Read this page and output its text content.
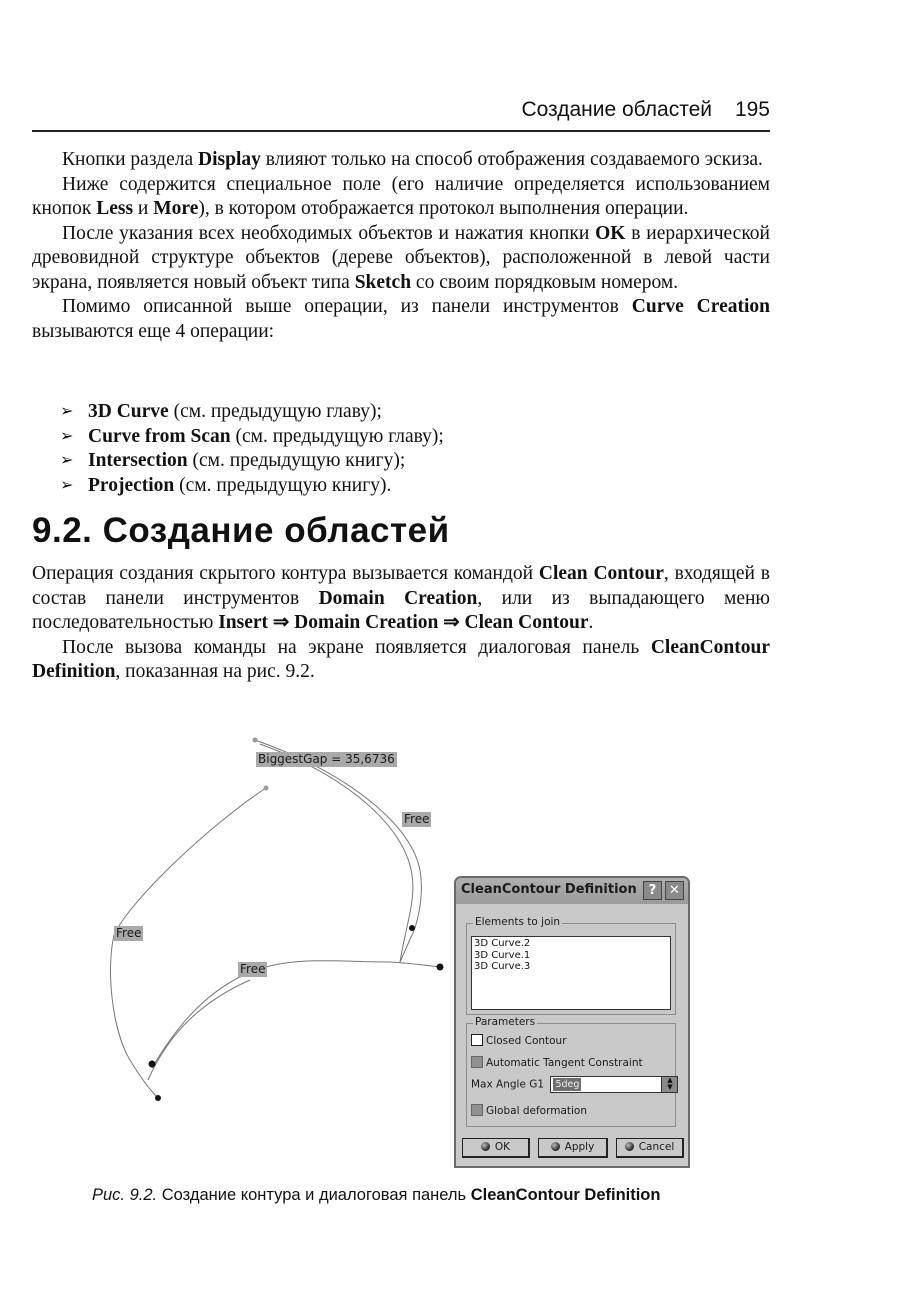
Создание областей 195

Кнопки раздела Display влияют только на способ отображения создаваемого эскиза.

Ниже содержится специальное поле (его наличие определяется использованием кнопок Less и More), в котором отображается протокол выполнения операции.

После указания всех необходимых объектов и нажатия кнопки OK в иерархической древовидной структуре объектов (дереве объектов), расположенной в левой части экрана, появляется новый объект типа Sketch со своим порядковым номером.

Помимо описанной выше операции, из панели инструментов Curve Creation вызываются еще 4 операции:

➢ 3D Curve (см. предыдущую главу);
➢ Curve from Scan (см. предыдущую главу);
➢ Intersection (см. предыдущую книгу);
➢ Projection (см. предыдущую книгу).
9.2. Создание областей

Операция создания скрытого контура вызывается командой Clean Contour, входящей в состав панели инструментов Domain Creation, или из выпадающего меню последовательностью Insert ⇒ Domain Creation ⇒ Clean Contour.

После вызова команды на экране появляется диалоговая панель CleanContour Definition, показанная на рис. 9.2.

BiggestGap = 35,6736
Free
Free
Free
CleanContour Definition ? ✕
Elements to join
3D Curve.2
3D Curve.1
3D Curve.3
Parameters
Closed Contour
Automatic Tangent Constraint
Max Angle G1 5deg	▲
▼
Global deformation
OK	Apply	Cancel
Рис. 9.2. Создание контура и диалоговая панель CleanContour Definition
